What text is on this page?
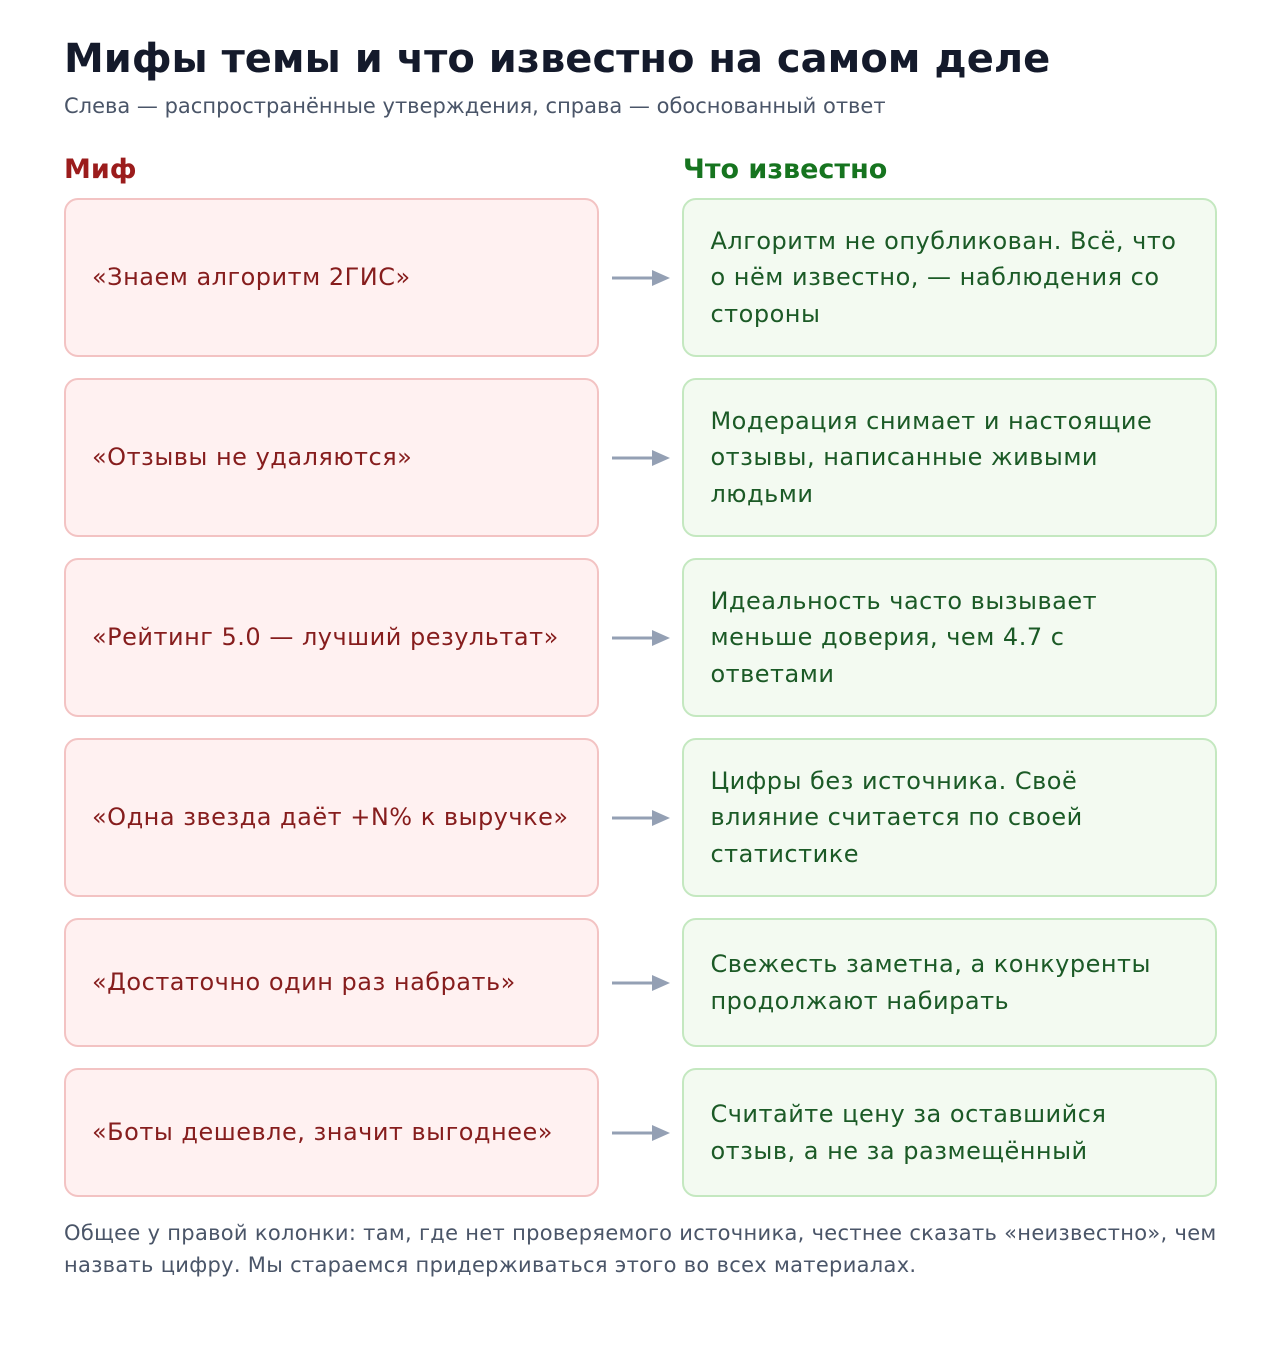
Мифы темы и что известно на самом деле

Слева — распространённые утверждения, справа — обоснованный ответ

Миф	Что известно
«Знаем алгоритм 2ГИС»
Алгоритм не опубликован. Всё, что о нём известно, — наблюдения со стороны
«Отзывы не удаляются»
Модерация снимает и настоящие отзывы, написанные живыми людьми
«Рейтинг 5.0 — лучший результат»
Идеальность часто вызывает меньше доверия, чем 4.7 с ответами
«Одна звезда даёт +N% к выручке»
Цифры без источника. Своё влияние считается по своей статистике
«Достаточно один раз набрать»
Свежесть заметна, а конкуренты продолжают набирать
«Боты дешевле, значит выгоднее»
Считайте цену за оставшийся отзыв, а не за размещённый

Общее у правой колонки: там, где нет проверяемого источника, честнее сказать «неизвестно», чем назвать цифру. Мы стараемся придерживаться этого во всех материалах.
